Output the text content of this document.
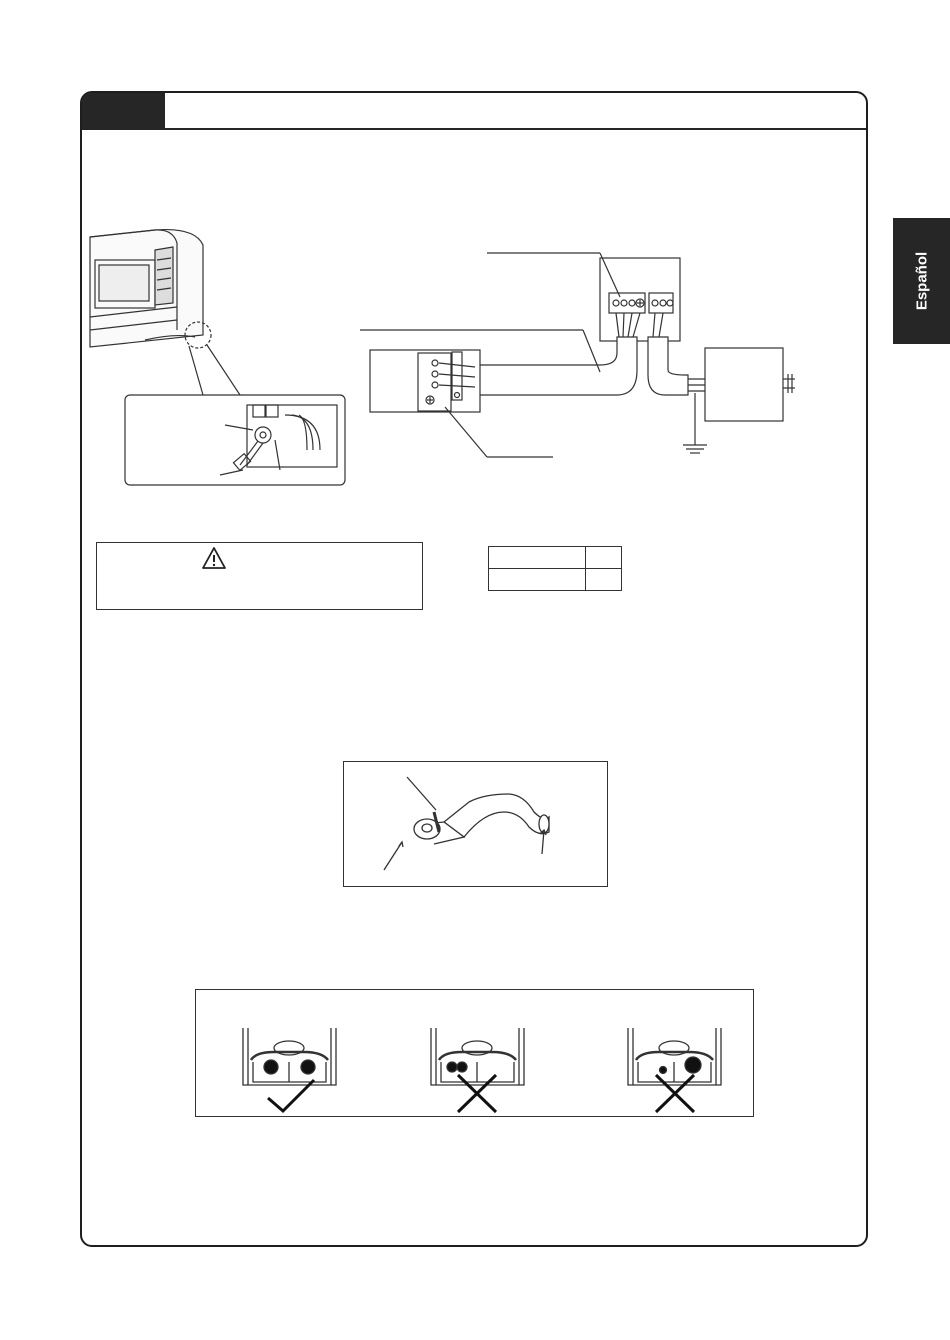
Español
